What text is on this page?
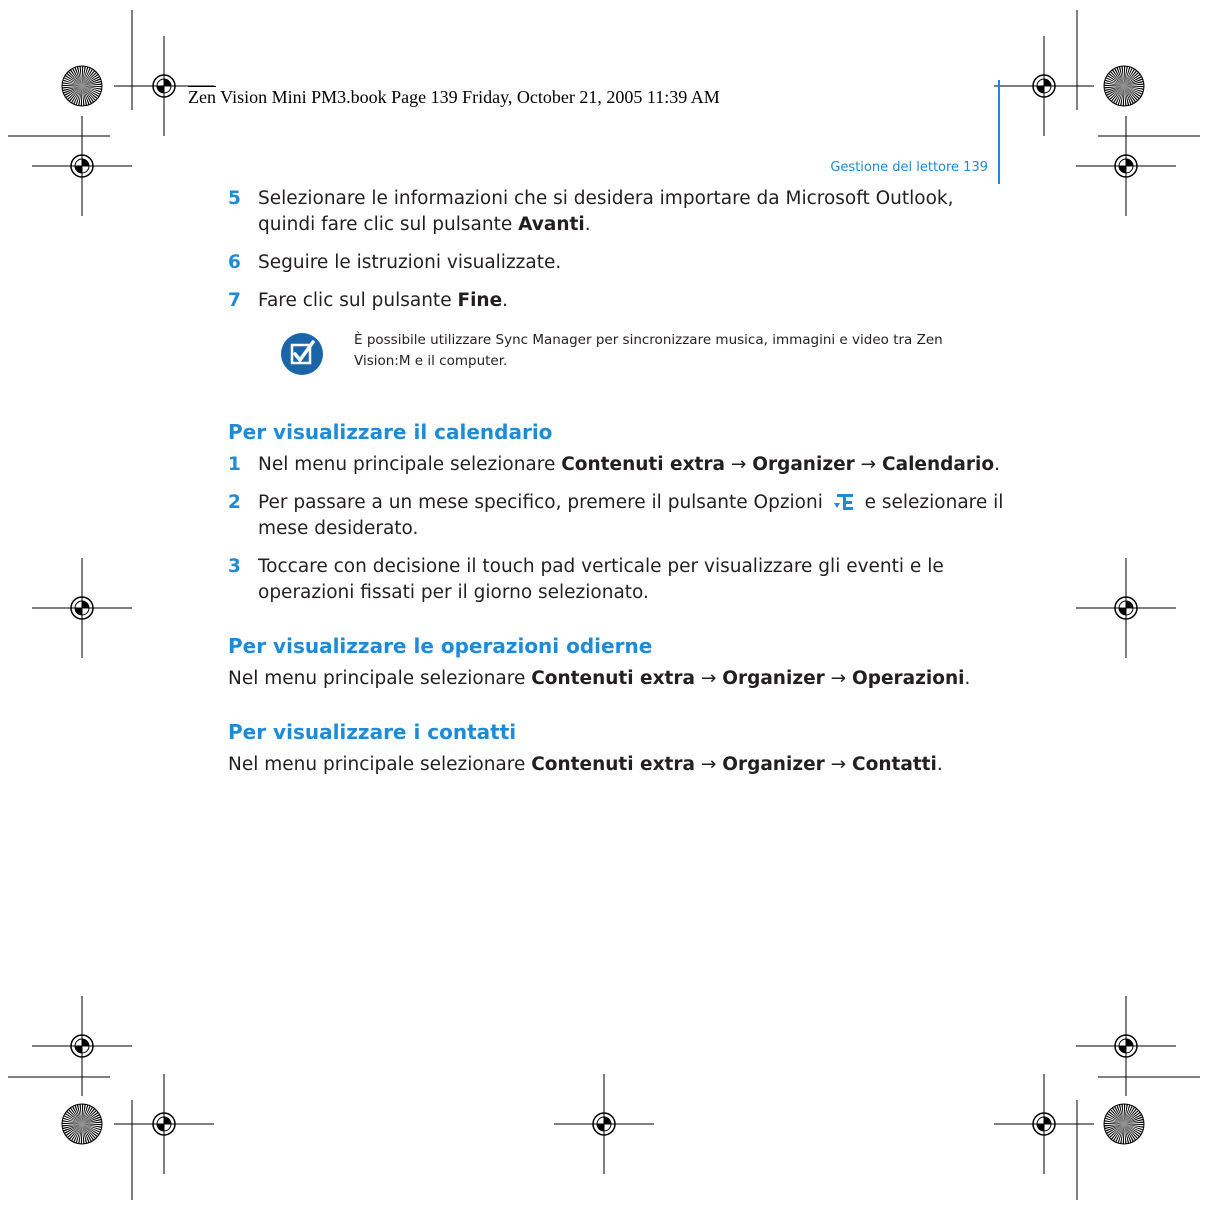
Zen Vision Mini PM3.book Page 139 Friday, October 21, 2005 11:39 AM
Gestione del lettore 139
5 Selezionare le informazioni che si desidera importare da Microsoft Outlook, quindi fare clic sul pulsante Avanti.
6 Seguire le istruzioni visualizzate.
7 Fare clic sul pulsante Fine.
È possibile utilizzare Sync Manager per sincronizzare musica, immagini e video tra Zen Vision:M e il computer.
Per visualizzare il calendario
1 Nel menu principale selezionare Contenuti extra → Organizer → Calendario.
2 Per passare a un mese specifico, premere il pulsante Opzioni  e selezionare il mese desiderato.
3 Toccare con decisione il touch pad verticale per visualizzare gli eventi e le operazioni fissati per il giorno selezionato.
Per visualizzare le operazioni odierne

Nel menu principale selezionare Contenuti extra → Organizer → Operazioni.

Per visualizzare i contatti

Nel menu principale selezionare Contenuti extra → Organizer → Contatti.
